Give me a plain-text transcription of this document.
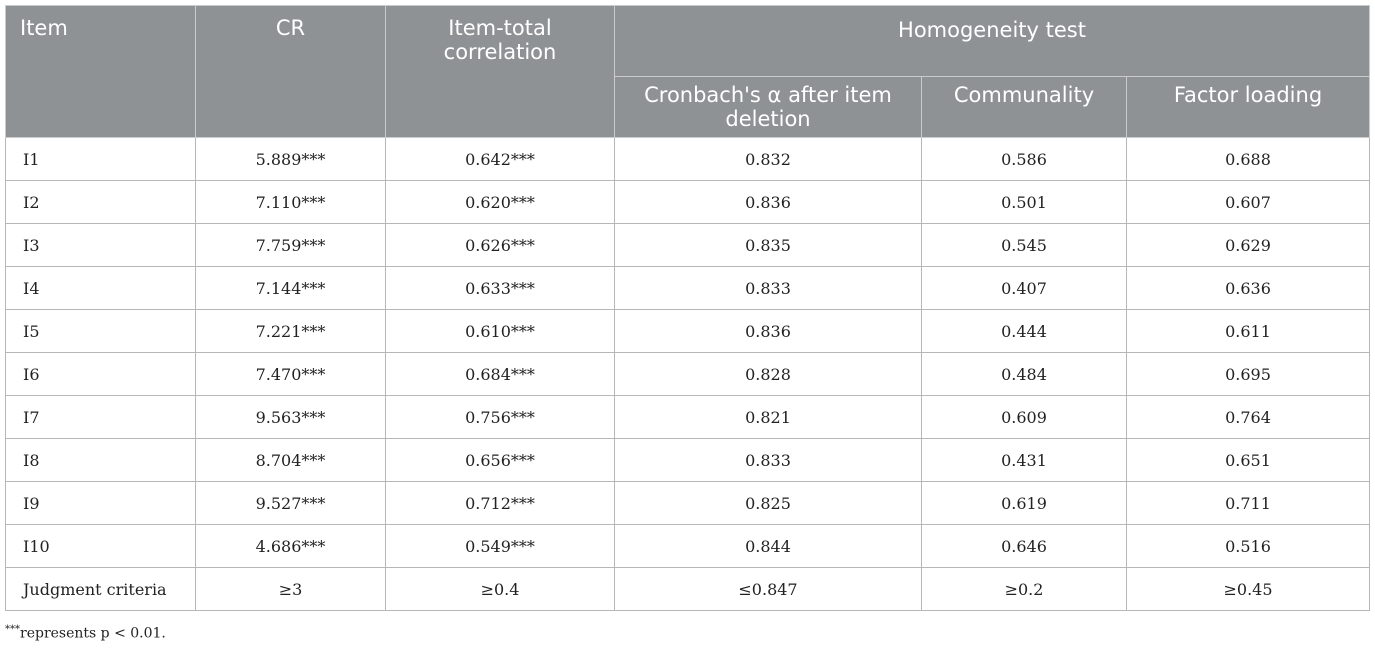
Item	CR	Item-total correlation	Homogeneity test		
			Cronbach's α after item deletion	Communality	Factor loading
I1	5.889***	0.642***	0.832	0.586	0.688
I2	7.110***	0.620***	0.836	0.501	0.607
I3	7.759***	0.626***	0.835	0.545	0.629
I4	7.144***	0.633***	0.833	0.407	0.636
I5	7.221***	0.610***	0.836	0.444	0.611
I6	7.470***	0.684***	0.828	0.484	0.695
I7	9.563***	0.756***	0.821	0.609	0.764
I8	8.704***	0.656***	0.833	0.431	0.651
I9	9.527***	0.712***	0.825	0.619	0.711
I10	4.686***	0.549***	0.844	0.646	0.516
Judgment criteria	≥3	≥0.4	≤0.847	≥0.2	≥0.45
***represents p < 0.01.
